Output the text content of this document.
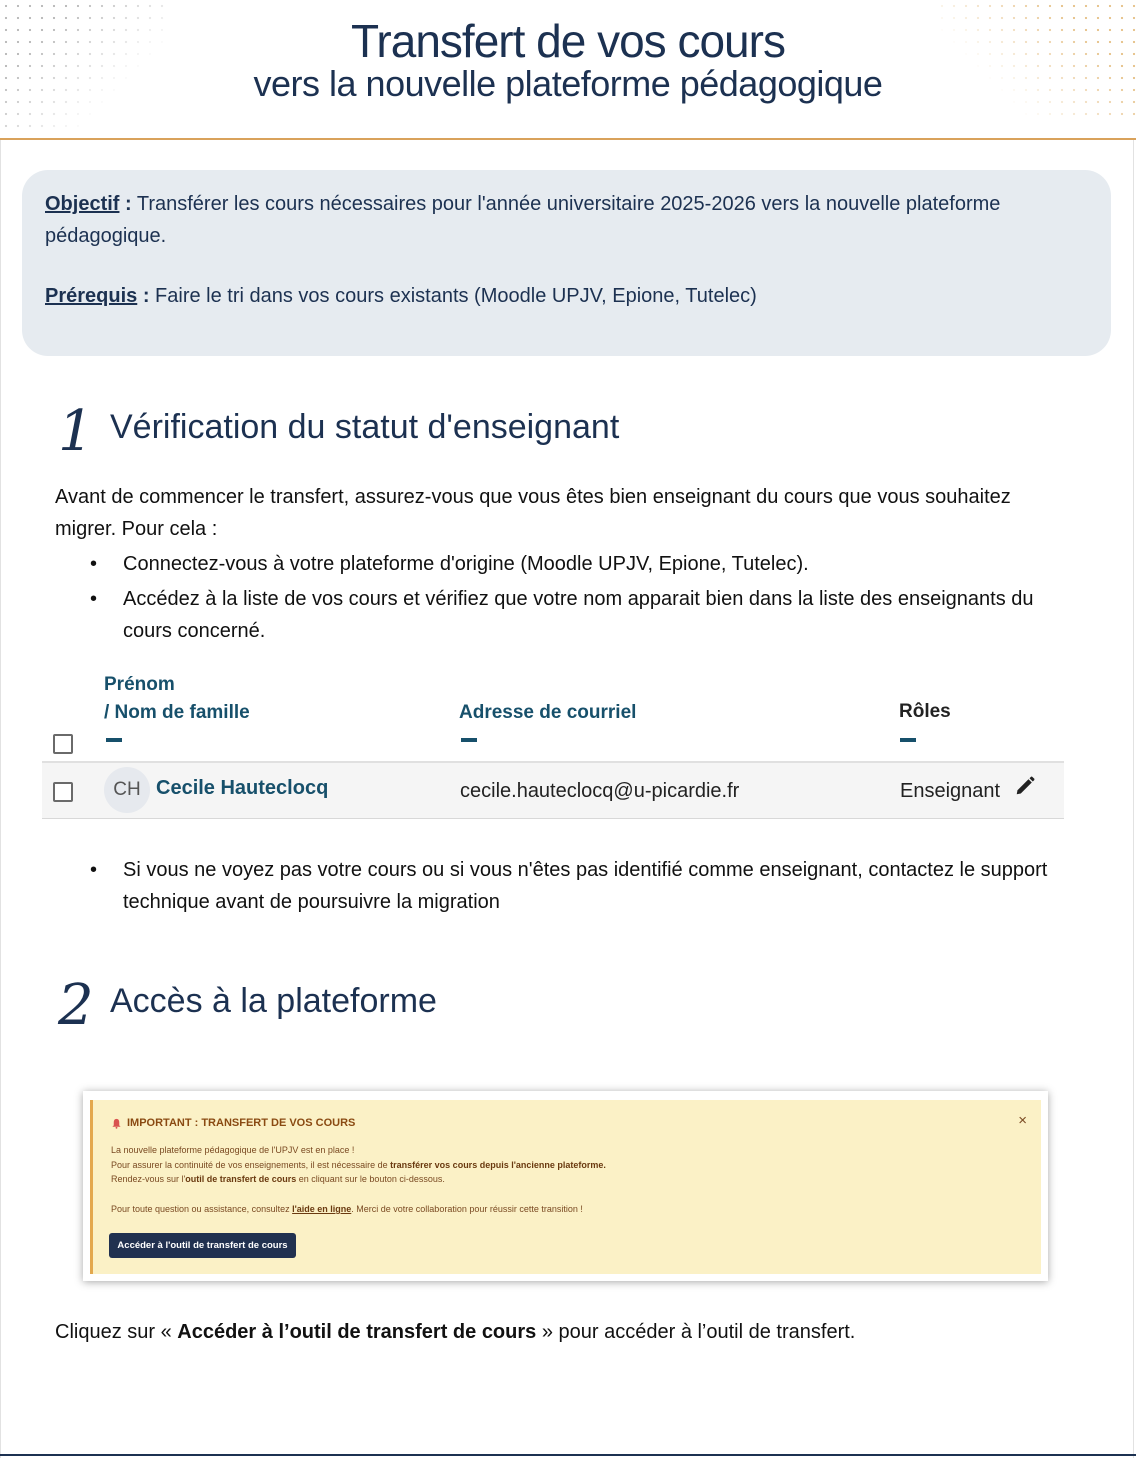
Transfert de vos cours
vers la nouvelle plateforme pédagogique

Objectif : Transférer les cours nécessaires pour l'année universitaire 2025-2026 vers la nouvelle plateforme pédagogique.

Prérequis : Faire le tri dans vos cours existants (Moodle UPJV, Epione, Tutelec)

1 Vérification du statut d'enseignant
Avant de commencer le transfert, assurez-vous que vous êtes bien enseignant du cours que vous souhaitez migrer. Pour cela :
• Connectez-vous à votre plateforme d'origine (Moodle UPJV, Epione, Tutelec).
• Accédez à la liste de vos cours et vérifiez que votre nom apparait bien dans la liste des enseignants du cours concerné.
Prénom
/ Nom de famille	Adresse de courriel	Rôles
CH Cecile Hauteclocq	cecile.hauteclocq@u-picardie.fr	Enseignant
• Si vous ne voyez pas votre cours ou si vous n'êtes pas identifié comme enseignant, contactez le support technique avant de poursuivre la migration
2 Accès à la plateforme
IMPORTANT : TRANSFERT DE VOS COURS	×
La nouvelle plateforme pédagogique de l'UPJV est en place !
Pour assurer la continuité de vos enseignements, il est nécessaire de transférer vos cours depuis l'ancienne plateforme.
Rendez-vous sur l'outil de transfert de cours en cliquant sur le bouton ci-dessous.
Pour toute question ou assistance, consultez l'aide en ligne. Merci de votre collaboration pour réussir cette transition !
Accéder à l'outil de transfert de cours
Cliquez sur « Accéder à l’outil de transfert de cours » pour accéder à l’outil de transfert.
